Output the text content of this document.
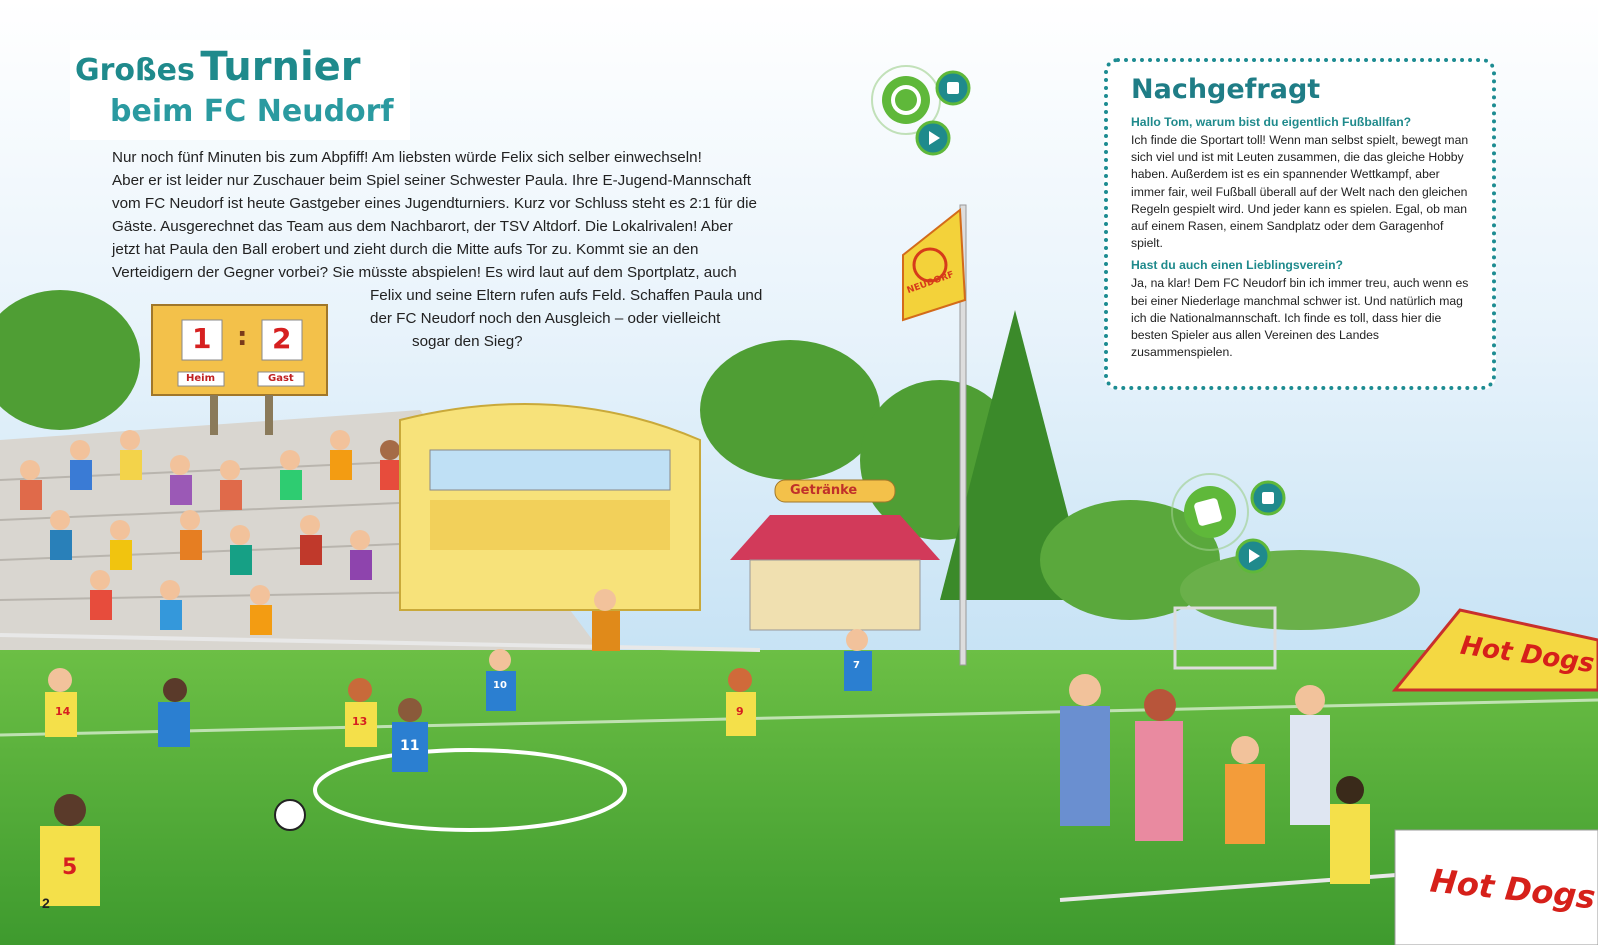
Großes Turnier
beim FC Neudorf
Nur noch fünf Minuten bis zum Abpfiff! Am liebsten würde Felix sich selber einwechseln!
Aber er ist leider nur Zuschauer beim Spiel seiner Schwester Paula. Ihre E-Jugend-Mannschaft
vom FC Neudorf ist heute Gastgeber eines Jugendturniers. Kurz vor Schluss steht es 2:1 für die
Gäste. Ausgerechnet das Team aus dem Nachbarort, der TSV Altdorf. Die Lokalrivalen! Aber
jetzt hat Paula den Ball erobert und zieht durch die Mitte aufs Tor zu. Kommt sie an den
Verteidigern der Gegner vorbei? Sie müsste abspielen! Es wird laut auf dem Sportplatz, auch
Felix und seine Eltern rufen aufs Feld. Schaffen Paula und
der FC Neudorf noch den Ausgleich – oder vielleicht
sogar den Sieg?
Nachgefragt

Hallo Tom, warum bist du eigentlich Fußballfan?

Ich finde die Sportart toll! Wenn man selbst spielt, bewegt man sich viel und ist mit Leuten zusammen, die das gleiche Hobby haben. Außerdem ist es ein spannender Wettkampf, aber immer fair, weil Fußball überall auf der Welt nach den gleichen Regeln gespielt wird. Und jeder kann es spielen. Egal, ob man auf einem Rasen, einem Sandplatz oder dem Garagenhof spielt.

Hast du auch einen Lieblingsverein?

Ja, na klar! Dem FC Neudorf bin ich immer treu, auch wenn es bei einer Niederlage manchmal schwer ist. Und natürlich mag ich die Nationalmannschaft. Ich finde es toll, dass hier die besten Spieler aus allen Vereinen des Landes zusammenspielen.

1 : 2
Heim	Gast
NEUDORF
Getränke
Hot Dogs
Hot Dogs
14
13
11
10
9
7
5
2
